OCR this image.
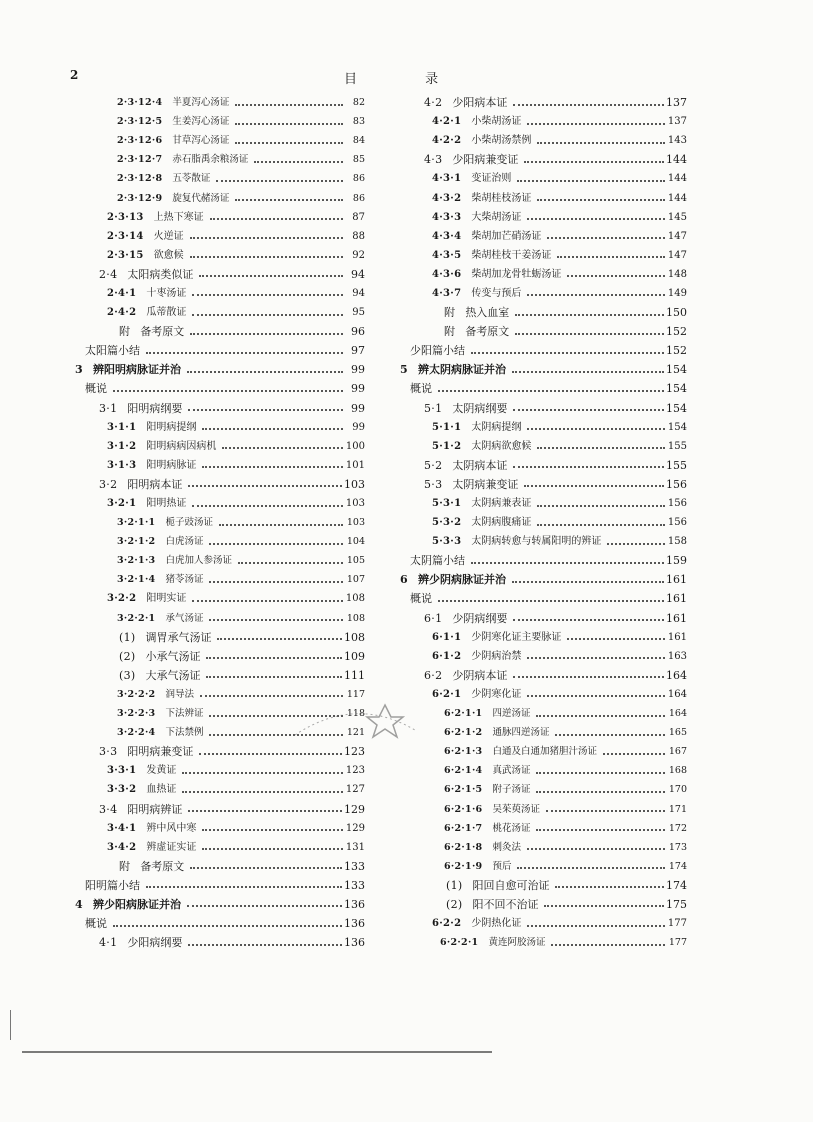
2	目 录
2·3·12·4 半夏泻心汤证	82
2·3·12·5 生姜泻心汤证	83
2·3·12·6 甘草泻心汤证	84
2·3·12·7 赤石脂禹余粮汤证	85
2·3·12·8 五苓散证	86
2·3·12·9 旋复代赭汤证	86
2·3·13 上热下寒证	87
2·3·14 火逆证	88
2·3·15 欲愈候	92
2·4 太阳病类似证	94
2·4·1 十枣汤证	94
2·4·2 瓜蒂散证	95
附 备考原文	96
太阳篇小结	97
3 辨阳明病脉证并治	99
概说	99
3·1 阳明病纲要	99
3·1·1 阳明病提纲	99
3·1·2 阳明病病因病机	100
3·1·3 阳明病脉证	101
3·2 阳明病本证	103
3·2·1 阳明热证	103
3·2·1·1 栀子豉汤证	103
3·2·1·2 白虎汤证	104
3·2·1·3 白虎加人参汤证	105
3·2·1·4 猪苓汤证	107
3·2·2 阳明实证	108
3·2·2·1 承气汤证	108
(1) 调胃承气汤证	108
(2) 小承气汤证	109
(3) 大承气汤证	111
3·2·2·2 润导法	117
3·2·2·3 下法辨证	118
3·2·2·4 下法禁例	121
3·3 阳明病兼变证	123
3·3·1 发黄证	123
3·3·2 血热证	127
3·4 阳明病辨证	129
3·4·1 辨中风中寒	129
3·4·2 辨虚证实证	131
附 备考原文	133
阳明篇小结	133
4 辨少阳病脉证并治	136
概说	136
4·1 少阳病纲要	136
4·2 少阳病本证	137
4·2·1 小柴胡汤证	137
4·2·2 小柴胡汤禁例	143
4·3 少阳病兼变证	144
4·3·1 变证治则	144
4·3·2 柴胡桂枝汤证	144
4·3·3 大柴胡汤证	145
4·3·4 柴胡加芒硝汤证	147
4·3·5 柴胡桂枝干姜汤证	147
4·3·6 柴胡加龙骨牡蛎汤证	148
4·3·7 传变与预后	149
附 热入血室	150
附 备考原文	152
少阳篇小结	152
5 辨太阴病脉证并治	154
概说	154
5·1 太阴病纲要	154
5·1·1 太阴病提纲	154
5·1·2 太阴病欲愈候	155
5·2 太阴病本证	155
5·3 太阴病兼变证	156
5·3·1 太阴病兼表证	156
5·3·2 太阴病腹痛证	156
5·3·3 太阴病转愈与转属阳明的辨证	158
太阴篇小结	159
6 辨少阴病脉证并治	161
概说	161
6·1 少阴病纲要	161
6·1·1 少阴寒化证主要脉证	161
6·1·2 少阴病治禁	163
6·2 少阴病本证	164
6·2·1 少阴寒化证	164
6·2·1·1 四逆汤证	164
6·2·1·2 通脉四逆汤证	165
6·2·1·3 白通及白通加猪胆汁汤证	167
6·2·1·4 真武汤证	168
6·2·1·5 附子汤证	170
6·2·1·6 吴茱萸汤证	171
6·2·1·7 桃花汤证	172
6·2·1·8 刺灸法	173
6·2·1·9 预后	174
(1) 阳回自愈可治证	174
(2) 阳不回不治证	175
6·2·2 少阴热化证	177
6·2·2·1 黄连阿胶汤证	177
